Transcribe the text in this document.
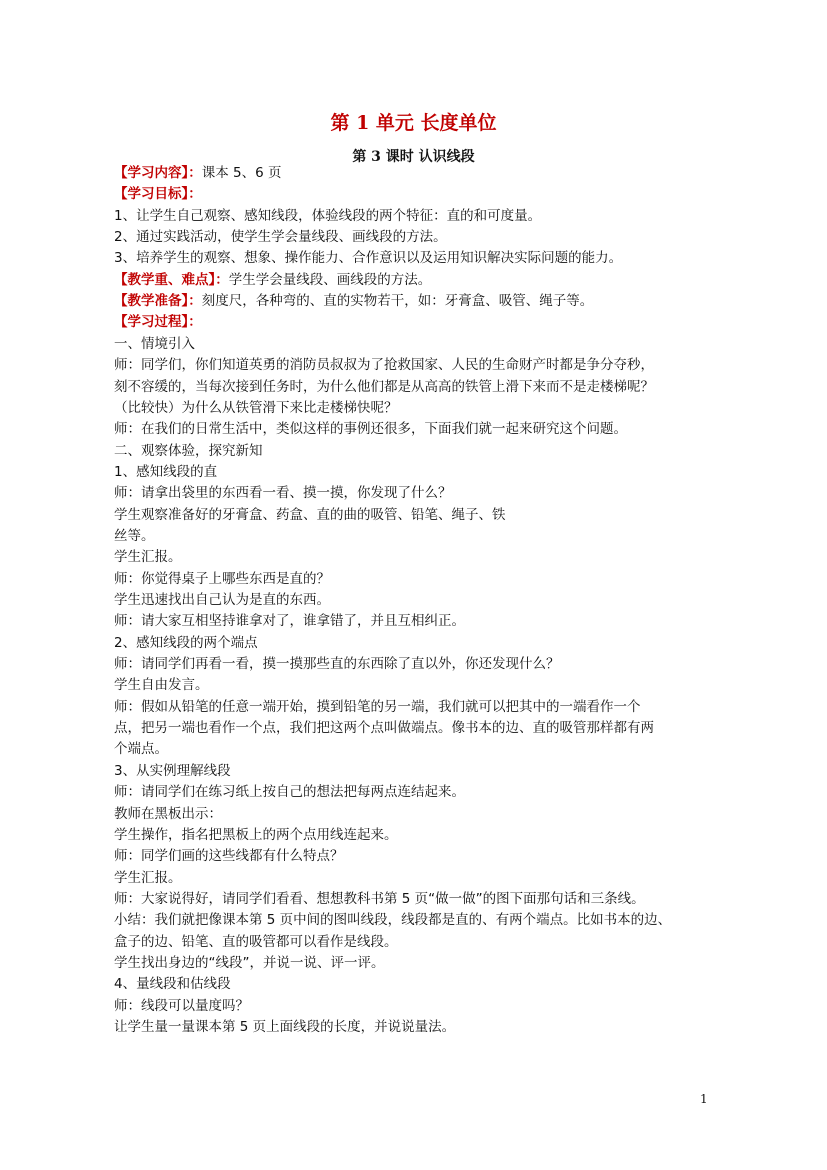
第 1 单元 长度单位
第 3 课时 认识线段
【学习内容】：课本 5、6 页
【学习目标】：
1、让学生自己观察、感知线段，体验线段的两个特征：直的和可度量。
2、通过实践活动，使学生学会量线段、画线段的方法。
3、培养学生的观察、想象、操作能力、合作意识以及运用知识解决实际问题的能力。
【教学重、难点】：学生学会量线段、画线段的方法。
【教学准备】：刻度尺，各种弯的、直的实物若干，如：牙膏盒、吸管、绳子等。
【学习过程】：
一、情境引入
师：同学们，你们知道英勇的消防员叔叔为了抢救国家、人民的生命财产时都是争分夺秒，
刻不容缓的，当每次接到任务时，为什么他们都是从高高的铁管上滑下来而不是走楼梯呢？
（比较快）为什么从铁管滑下来比走楼梯快呢？
师：在我们的日常生活中，类似这样的事例还很多，下面我们就一起来研究这个问题。
二、观察体验，探究新知
1、感知线段的直
师：请拿出袋里的东西看一看、摸一摸，你发现了什么？
学生观察准备好的牙膏盒、药盒、直的曲的吸管、铅笔、绳子、铁
丝等。
学生汇报。
师：你觉得桌子上哪些东西是直的？
学生迅速找出自己认为是直的东西。
师：请大家互相坚持谁拿对了，谁拿错了，并且互相纠正。
2、感知线段的两个端点
师：请同学们再看一看，摸一摸那些直的东西除了直以外，你还发现什么？
学生自由发言。
师：假如从铅笔的任意一端开始，摸到铅笔的另一端，我们就可以把其中的一端看作一个
点，把另一端也看作一个点，我们把这两个点叫做端点。像书本的边、直的吸管那样都有两
个端点。
3、从实例理解线段
师：请同学们在练习纸上按自己的想法把每两点连结起来。
教师在黑板出示：
学生操作，指名把黑板上的两个点用线连起来。
师：同学们画的这些线都有什么特点？
学生汇报。
师：大家说得好，请同学们看看、想想教科书第 5 页“做一做”的图下面那句话和三条线。
小结：我们就把像课本第 5 页中间的图叫线段，线段都是直的、有两个端点。比如书本的边、
盒子的边、铅笔、直的吸管都可以看作是线段。
学生找出身边的“线段”，并说一说、评一评。
4、量线段和估线段
师：线段可以量度吗？
让学生量一量课本第 5 页上面线段的长度，并说说量法。
1
